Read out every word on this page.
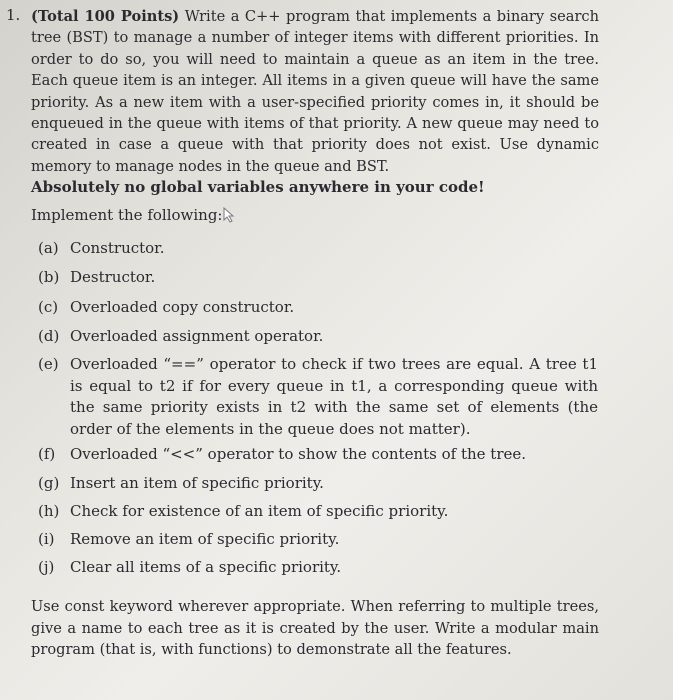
1. (Total 100 Points) Write a C++ program that implements a binary search tree (BST) to manage a number of integer items with different priorities. In order to do so, you will need to maintain a queue as an item in the tree. Each queue item is an integer. All items in a given queue will have the same priority. As a new item with a user-specified priority comes in, it should be enqueued in the queue with items of that priority. A new queue may need to created in case a queue with that priority does not exist. Use dynamic memory to manage nodes in the queue and BST.

Absolutely no global variables anywhere in your code!

Implement the following:

(a) Constructor.
(b) Destructor.
(c) Overloaded copy constructor.
(d) Overloaded assignment operator.
(e) Overloaded “==” operator to check if two trees are equal. A tree t1 is equal to t2 if for every queue in t1, a corresponding queue with the same priority exists in t2 with the same set of elements (the order of the elements in the queue does not matter).
(f) Overloaded “<<” operator to show the contents of the tree.
(g) Insert an item of specific priority.
(h) Check for existence of an item of specific priority.
(i)	Remove an item of specific priority.
(j)	Clear all items of a specific priority.

Use const keyword wherever appropriate. When referring to multiple trees, give a name to each tree as it is created by the user. Write a modular main program (that is, with functions) to demonstrate all the features.
